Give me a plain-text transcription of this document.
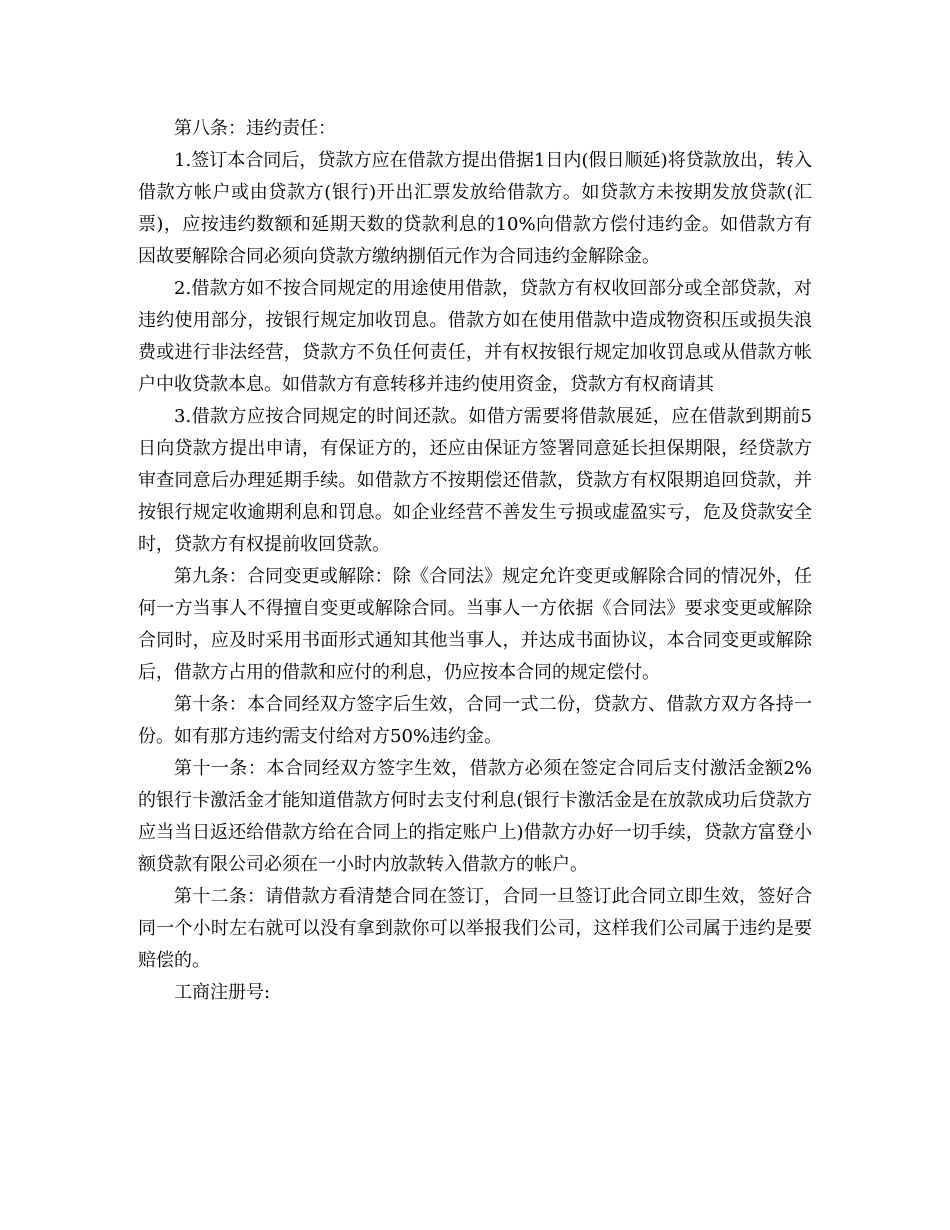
第八条：违约责任：

1.签订本合同后，贷款方应在借款方提出借据1日内(假日顺延)将贷款放出，转入借款方帐户或由贷款方(银行)开出汇票发放给借款方。如贷款方未按期发放贷款(汇票)，应按违约数额和延期天数的贷款利息的10%向借款方偿付违约金。如借款方有因故要解除合同必须向贷款方缴纳捌佰元作为合同违约金解除金。

2.借款方如不按合同规定的用途使用借款，贷款方有权收回部分或全部贷款，对违约使用部分，按银行规定加收罚息。借款方如在使用借款中造成物资积压或损失浪费或进行非法经营，贷款方不负任何责任，并有权按银行规定加收罚息或从借款方帐户中收贷款本息。如借款方有意转移并违约使用资金，贷款方有权商请其

3.借款方应按合同规定的时间还款。如借方需要将借款展延，应在借款到期前5日向贷款方提出申请，有保证方的，还应由保证方签署同意延长担保期限，经贷款方审查同意后办理延期手续。如借款方不按期偿还借款，贷款方有权限期追回贷款，并按银行规定收逾期利息和罚息。如企业经营不善发生亏损或虚盈实亏，危及贷款安全时，贷款方有权提前收回贷款。

第九条：合同变更或解除：除《合同法》规定允许变更或解除合同的情况外，任何一方当事人不得擅自变更或解除合同。当事人一方依据《合同法》要求变更或解除合同时，应及时采用书面形式通知其他当事人，并达成书面协议，本合同变更或解除后，借款方占用的借款和应付的利息，仍应按本合同的规定偿付。

第十条：本合同经双方签字后生效，合同一式二份，贷款方、借款方双方各持一份。如有那方违约需支付给对方50%违约金。

第十一条：本合同经双方签字生效，借款方必须在签定合同后支付激活金额2%的银行卡激活金才能知道借款方何时去支付利息(银行卡激活金是在放款成功后贷款方应当当日返还给借款方给在合同上的指定账户上)借款方办好一切手续，贷款方富登小额贷款有限公司必须在一小时内放款转入借款方的帐户。

第十二条：请借款方看清楚合同在签订，合同一旦签订此合同立即生效，签好合同一个小时左右就可以没有拿到款你可以举报我们公司，这样我们公司属于违约是要赔偿的。

工商注册号:
